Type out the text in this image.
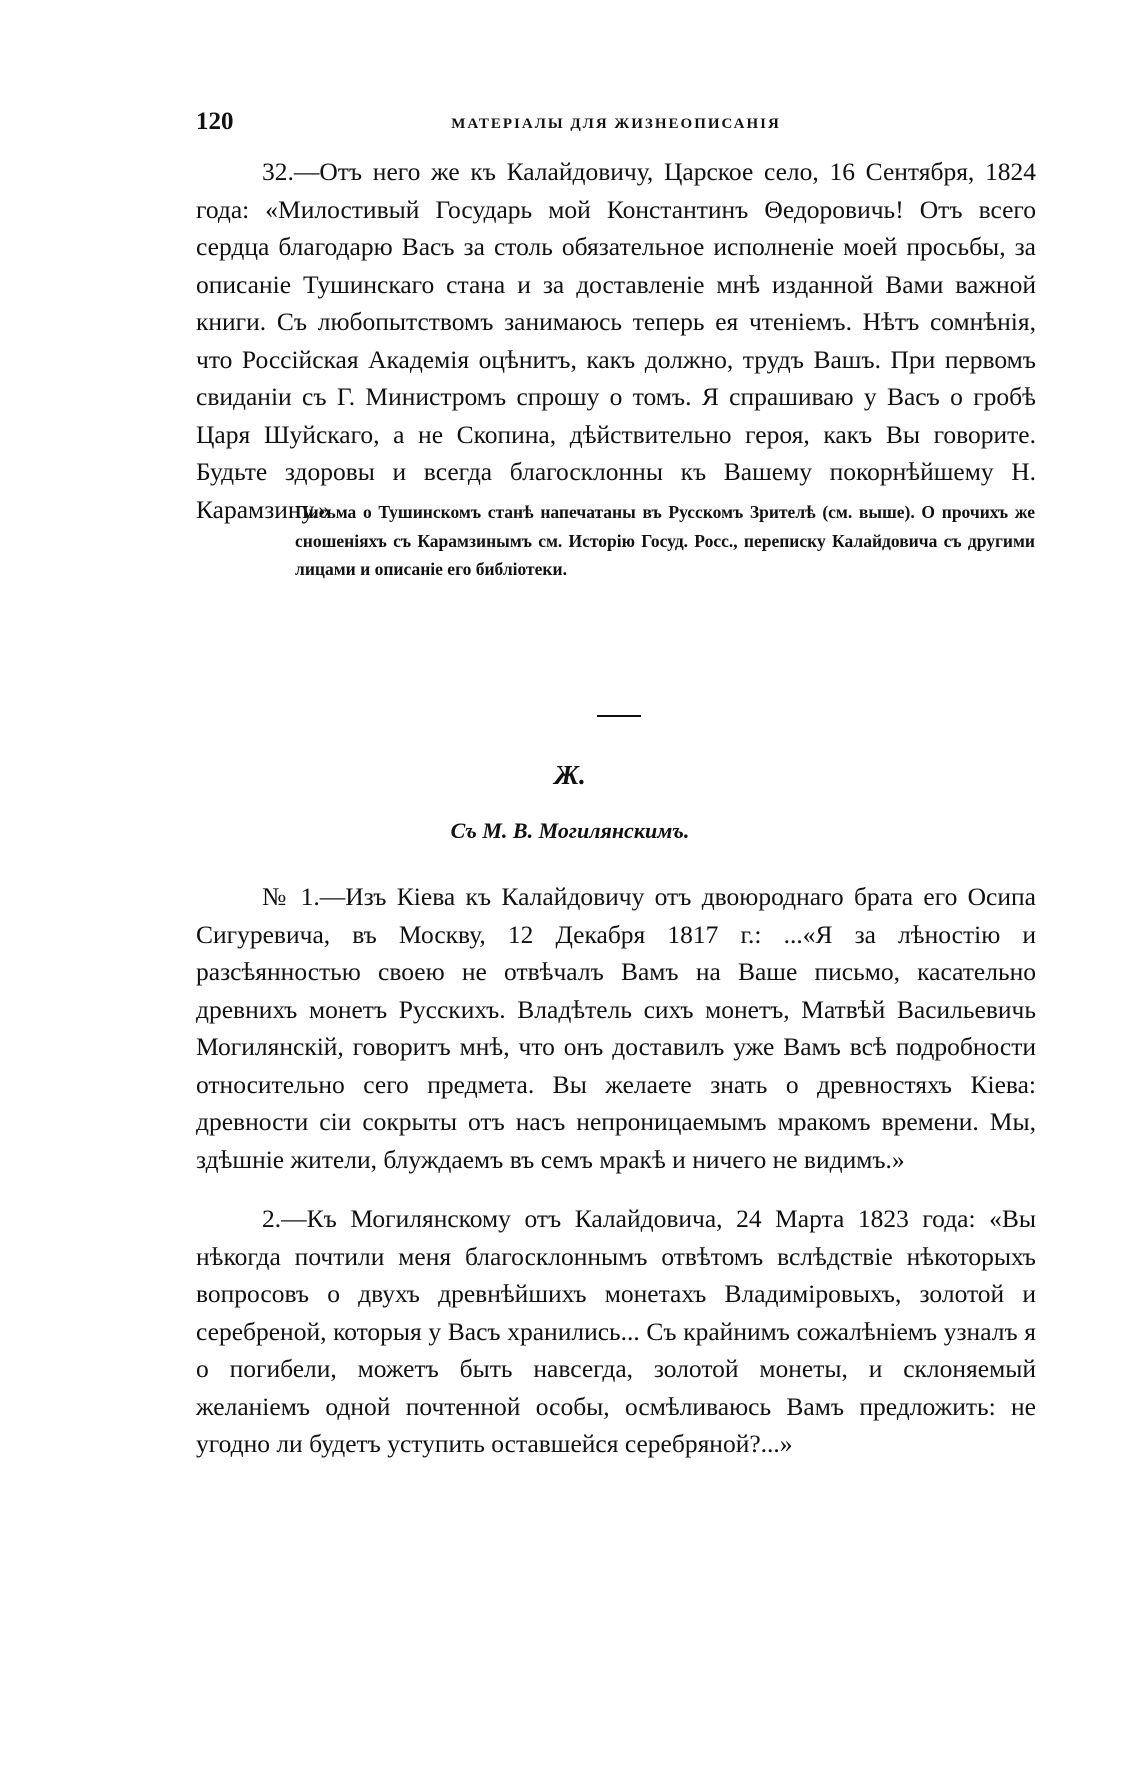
120	МАТЕРІАЛЫ ДЛЯ ЖИЗНЕОПИСАНІЯ

32.—Отъ него же къ Калайдовичу, Царское село, 16 Сентября, 1824 года: «Милостивый Государь мой Константинъ Θедоровичь! Отъ всего сердца благодарю Васъ за столь обязательное исполненіе моей просьбы, за описаніе Тушинскаго стана и за доставленіе мнѣ изданной Вами важной книги. Съ любопытствомъ занимаюсь теперь ея чтеніемъ. Нѣтъ сомнѣнія, что Россійская Академія оцѣнитъ, какъ должно, трудъ Вашъ. При первомъ свиданіи съ Г. Министромъ спрошу о томъ. Я спрашиваю у Васъ о гробѣ Царя Шуйскаго, а не Скопина, дѣйствительно героя, какъ Вы говорите. Будьте здоровы и всегда благосклонны къ Вашему покорнѣйшему Н. Карамзину.»

Письма о Тушинскомъ станѣ напечатаны въ Русскомъ Зрителѣ (см. выше). О прочихъ же сношеніяхъ съ Карамзинымъ см. Исторію Госуд. Росс., переписку Калайдовича съ другими лицами и описаніе его библіотеки.

Ж.
Съ М. В. Могилянскимъ.

№ 1.—Изъ Кіева къ Калайдовичу отъ двоюроднаго брата его Осипа Сигуревича, въ Москву, 12 Декабря 1817 г.: ...«Я за лѣностію и разсѣянностью своею не отвѣчалъ Вамъ на Ваше письмо, касательно древнихъ монетъ Русскихъ. Владѣтель сихъ монетъ, Матвѣй Васильевичь Могилянскій, говоритъ мнѣ, что онъ доставилъ уже Вамъ всѣ подробности относительно сего предмета. Вы желаете знать о древностяхъ Кіева: древности сіи сокрыты отъ насъ непроницаемымъ мракомъ времени. Мы, здѣшніе жители, блуждаемъ въ семъ мракѣ и ничего не видимъ.»

2.—Къ Могилянскому отъ Калайдовича, 24 Марта 1823 года: «Вы нѣкогда почтили меня благосклоннымъ отвѣтомъ вслѣдствіе нѣкоторыхъ вопросовъ о двухъ древнѣйшихъ монетахъ Владиміровыхъ, золотой и серебреной, которыя у Васъ хранились... Съ крайнимъ сожалѣніемъ узналъ я о погибели, можетъ быть навсегда, золотой монеты, и склоняемый желаніемъ одной почтенной особы, осмѣливаюсь Вамъ предложить: не угодно ли будетъ уступить оставшейся серебряной?...»
